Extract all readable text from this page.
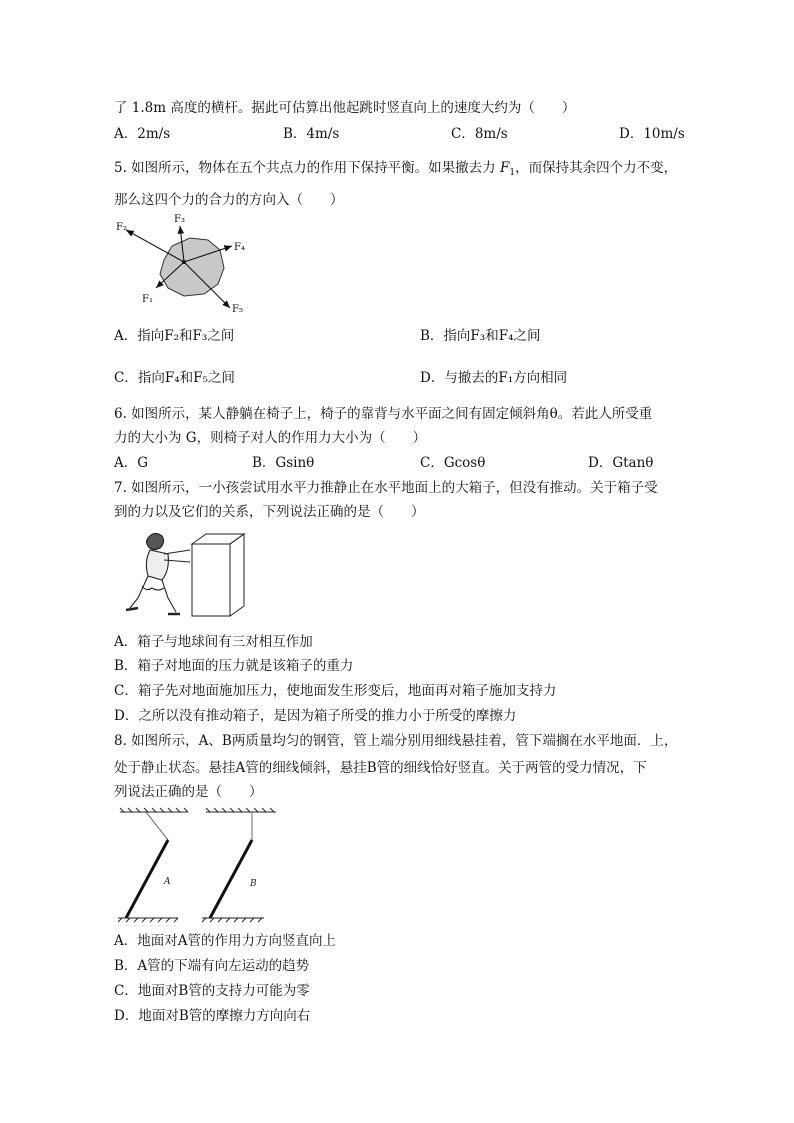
了 1.8m 高度的横杆。据此可估算出他起跳时竖直向上的速度大约为（　　）
A．2m/s	B．4m/s	C．8m/s	D．10m/s
5. 如图所示，物体在五个共点力的作用下保持平衡。如果撤去力 $F_1$，而保持其余四个力不变，
那么这四个力的合力的方向入（　　）
F₂
F₃
F₄
F₁
F₅
A．指向F₂和F₃之间	B．指向F₃和F₄之间
C．指向F₄和F₅之间	D．与撤去的F₁方向相同
6. 如图所示，某人静躺在椅子上，椅子的靠背与水平面之间有固定倾斜角θ。若此人所受重
力的大小为 G，则椅子对人的作用力大小为（　　）
A．G	B．Gsinθ	C．Gcosθ	D．Gtanθ
7. 如图所示，一小孩尝试用水平力推静止在水平地面上的大箱子，但没有推动。关于箱子受
到的力以及它们的关系，下列说法正确的是（　　）
A．箱子与地球间有三对相互作加
B．箱子对地面的压力就是该箱子的重力
C．箱子先对地面施加压力，使地面发生形变后，地面再对箱子施加支持力
D．之所以没有推动箱子，是因为箱子所受的推力小于所受的摩擦力
8. 如图所示，A、B两质量均匀的钢管，管上端分别用细线悬挂着，管下端搁在水平地面．上，
处于静止状态。悬挂A管的细线倾斜，悬挂B管的细线恰好竖直。关于两管的受力情况，下
列说法正确的是（　　）
A	B
A．地面对A管的作用力方向竖直向上
B．A管的下端有向左运动的趋势
C．地面对B管的支持力可能为零
D．地面对B管的摩擦力方向向右
